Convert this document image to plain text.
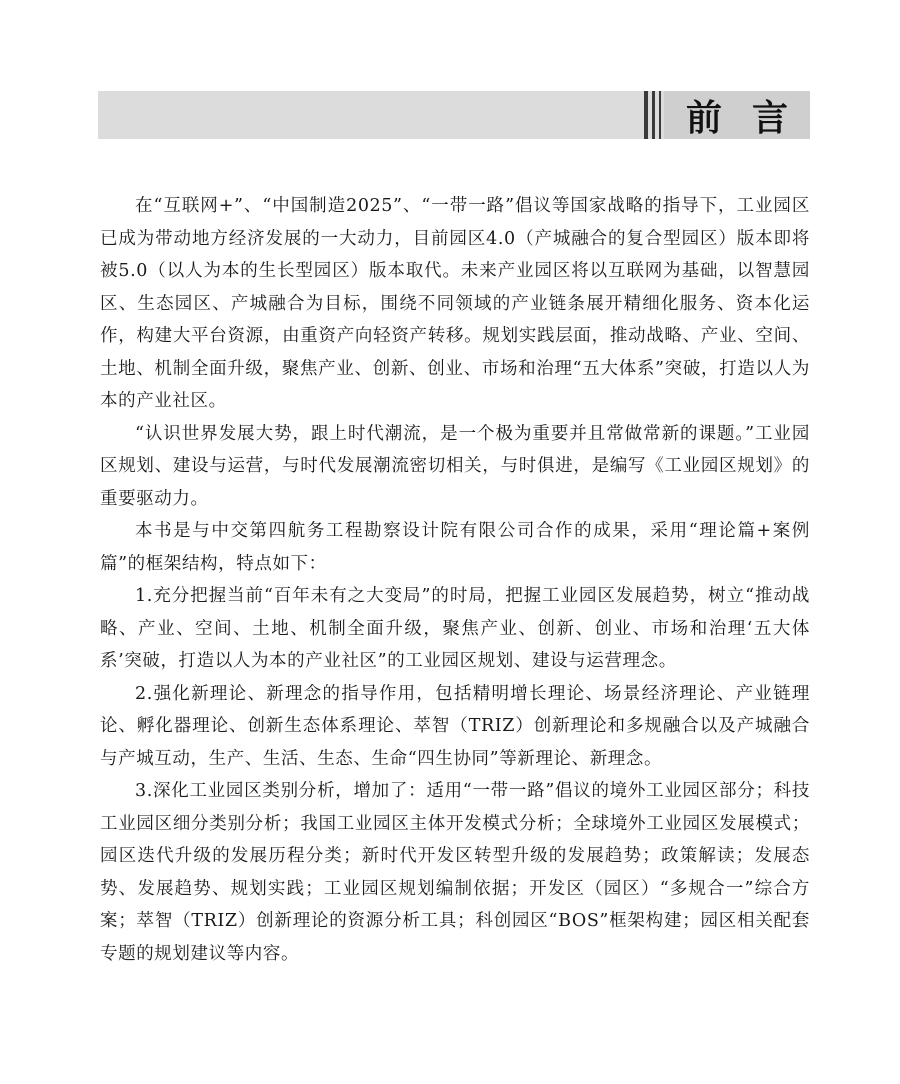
前言

在“互联网+”、“中国制造2025”、“一带一路”倡议等国家战略的指导下，工业园区已成为带动地方经济发展的一大动力，目前园区4.0（产城融合的复合型园区）版本即将被5.0（以人为本的生长型园区）版本取代。未来产业园区将以互联网为基础，以智慧园区、生态园区、产城融合为目标，围绕不同领域的产业链条展开精细化服务、资本化运作，构建大平台资源，由重资产向轻资产转移。规划实践层面，推动战略、产业、空间、土地、机制全面升级，聚焦产业、创新、创业、市场和治理“五大体系”突破，打造以人为本的产业社区。

“认识世界发展大势，跟上时代潮流，是一个极为重要并且常做常新的课题。”工业园区规划、建设与运营，与时代发展潮流密切相关，与时俱进，是编写《工业园区规划》的重要驱动力。

本书是与中交第四航务工程勘察设计院有限公司合作的成果，采用“理论篇+案例篇”的框架结构，特点如下：

1.充分把握当前“百年未有之大变局”的时局，把握工业园区发展趋势，树立“推动战略、产业、空间、土地、机制全面升级，聚焦产业、创新、创业、市场和治理‘五大体系’突破，打造以人为本的产业社区”的工业园区规划、建设与运营理念。

2.强化新理论、新理念的指导作用，包括精明增长理论、场景经济理论、产业链理论、孵化器理论、创新生态体系理论、萃智（TRIZ）创新理论和多规融合以及产城融合与产城互动，生产、生活、生态、生命“四生协同”等新理论、新理念。

3.深化工业园区类别分析，增加了：适用“一带一路”倡议的境外工业园区部分；科技工业园区细分类别分析；我国工业园区主体开发模式分析；全球境外工业园区发展模式；园区迭代升级的发展历程分类；新时代开发区转型升级的发展趋势；政策解读；发展态势、发展趋势、规划实践；工业园区规划编制依据；开发区（园区）“多规合一”综合方案；萃智（TRIZ）创新理论的资源分析工具；科创园区“BOS”框架构建；园区相关配套专题的规划建议等内容。
